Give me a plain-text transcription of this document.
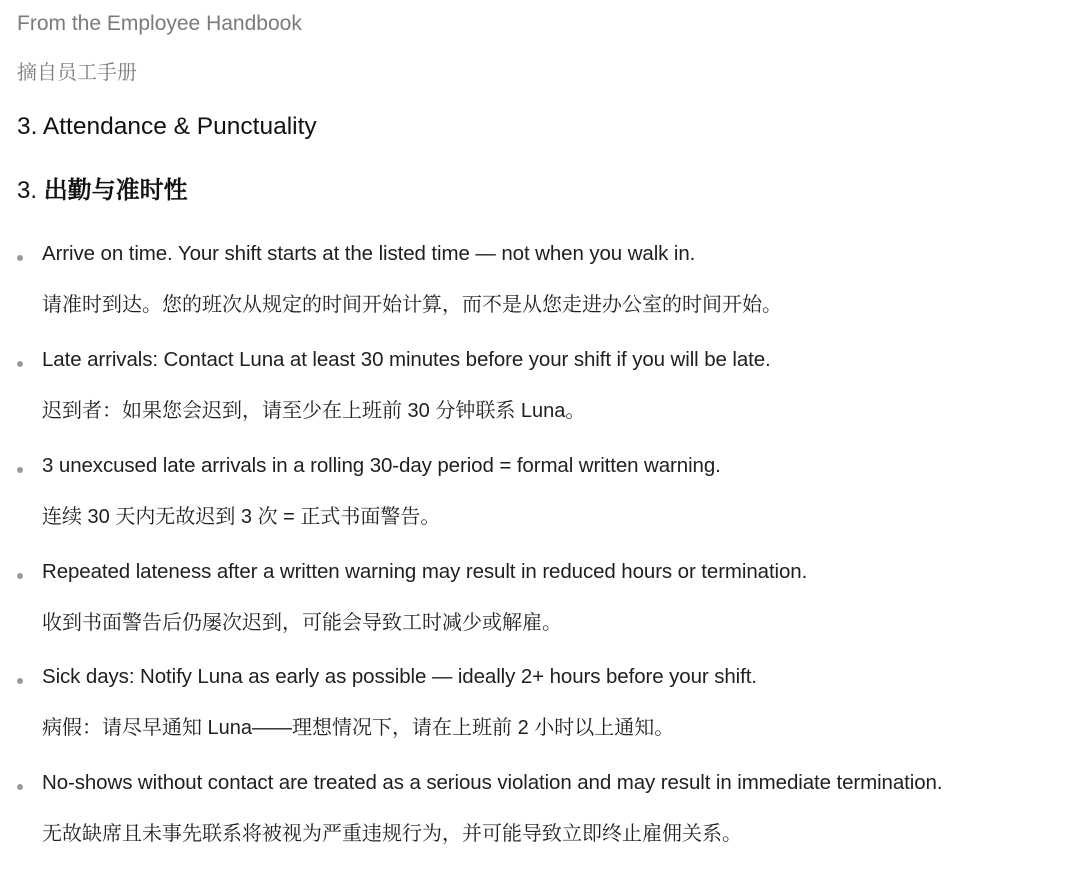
From the Employee Handbook
摘自员工手册
3. Attendance & Punctuality
3. 出勤与准时性
Arrive on time. Your shift starts at the listed time — not when you walk in.
请准时到达。您的班次从规定的时间开始计算，而不是从您走进办公室的时间开始。
Late arrivals: Contact Luna at least 30 minutes before your shift if you will be late.
迟到者：如果您会迟到，请至少在上班前 30 分钟联系 Luna。
3 unexcused late arrivals in a rolling 30-day period = formal written warning.
连续 30 天内无故迟到 3 次 = 正式书面警告。
Repeated lateness after a written warning may result in reduced hours or termination.
收到书面警告后仍屡次迟到，可能会导致工时减少或解雇。
Sick days: Notify Luna as early as possible — ideally 2+ hours before your shift.
病假：请尽早通知 Luna——理想情况下，请在上班前 2 小时以上通知。
No-shows without contact are treated as a serious violation and may result in immediate termination.
无故缺席且未事先联系将被视为严重违规行为，并可能导致立即终止雇佣关系。
